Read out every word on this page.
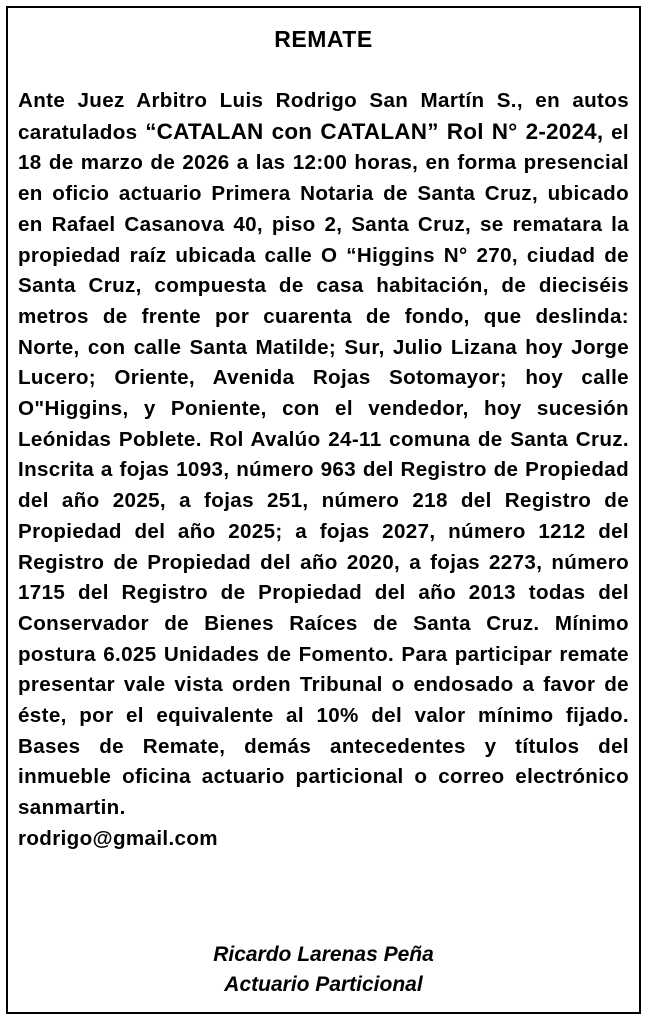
REMATE

Ante Juez Arbitro Luis Rodrigo San Martín S., en autos caratulados “CATALAN con CATALAN” Rol N° 2-2024, el 18 de marzo de 2026 a las 12:00 horas, en forma presencial en oficio actuario Primera Notaria de Santa Cruz, ubicado en Rafael Casanova 40, piso 2, Santa Cruz, se rematara la propiedad raíz ubicada calle O “Higgins N° 270, ciudad de Santa Cruz, compuesta de casa habitación, de dieciséis metros de frente por cuarenta de fondo, que deslinda: Norte, con calle Santa Matilde; Sur, Julio Lizana hoy Jorge Lucero; Oriente, Avenida Rojas Sotomayor; hoy calle O"Higgins, y Poniente, con el vendedor, hoy sucesión Leónidas Poblete. Rol Avalúo 24-11 comuna de Santa Cruz. Inscrita a fojas 1093, número 963 del Registro de Propiedad del año 2025, a fojas 251, número 218 del Registro de Propiedad del año 2025; a fojas 2027, número 1212 del Registro de Propiedad del año 2020, a fojas 2273, número 1715 del Registro de Propiedad del año 2013 todas del Conservador de Bienes Raíces de Santa Cruz. Mínimo postura 6.025 Unidades de Fomento. Para participar remate presentar vale vista orden Tribunal o endosado a favor de éste, por el equivalente al 10% del valor mínimo fijado. Bases de Remate, demás antecedentes y títulos del inmueble oficina actuario particional o correo electrónico sanmartin.
rodrigo@gmail.com

Ricardo Larenas Peña
Actuario Particional
